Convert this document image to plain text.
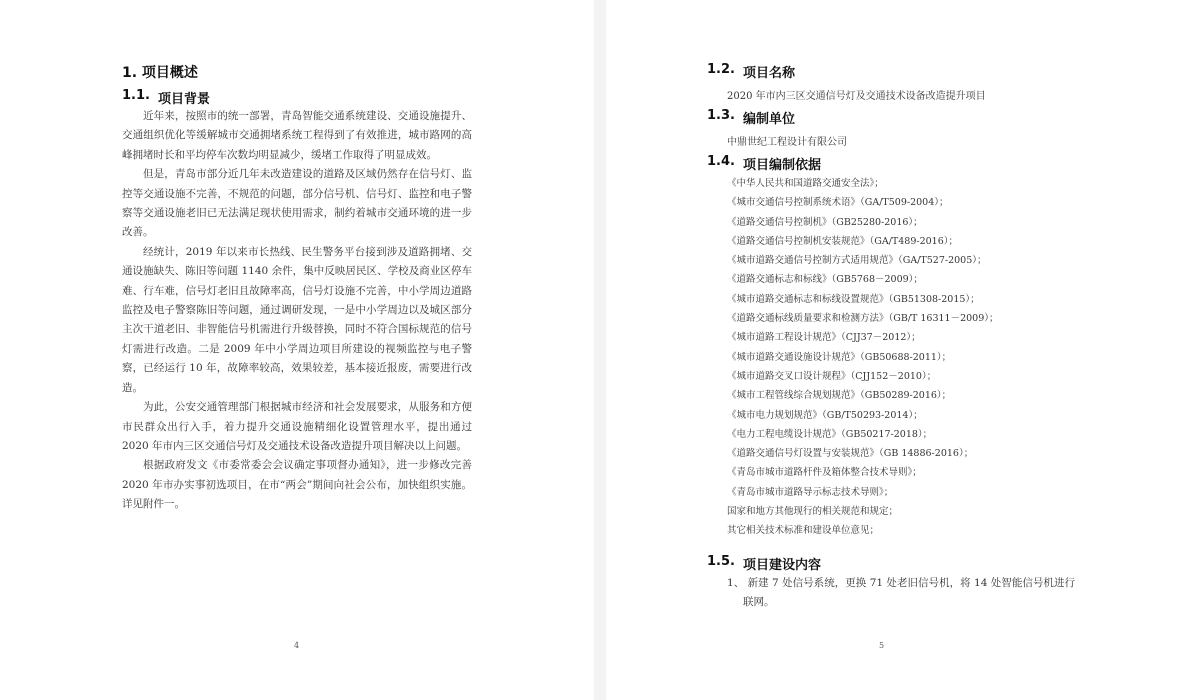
1. 项目概述
1.1. 项目背景

近年来，按照市的统一部署，青岛智能交通系统建设、交通设施提升、交通组织优化等缓解城市交通拥堵系统工程得到了有效推进，城市路网的高峰拥堵时长和平均停车次数均明显减少，缓堵工作取得了明显成效。

但是，青岛市部分近几年未改造建设的道路及区域仍然存在信号灯、监控等交通设施不完善，不规范的问题，部分信号机、信号灯、监控和电子警察等交通设施老旧已无法满足现状使用需求，制约着城市交通环境的进一步改善。

经统计，2019 年以来市长热线、民生警务平台接到涉及道路拥堵、交通设施缺失、陈旧等问题 1140 余件，集中反映居民区、学校及商业区停车难、行车难，信号灯老旧且故障率高，信号灯设施不完善，中小学周边道路监控及电子警察陈旧等问题，通过调研发现，一是中小学周边以及城区部分主次干道老旧、非智能信号机需进行升级替换，同时不符合国标规范的信号灯需进行改造。二是 2009 年中小学周边项目所建设的视频监控与电子警察，已经运行 10 年，故障率较高，效果较差，基本接近报废，需要进行改造。

为此，公安交通管理部门根据城市经济和社会发展要求，从服务和方便市民群众出行入手，着力提升交通设施精细化设置管理水平，提出通过 2020 年市内三区交通信号灯及交通技术设备改造提升项目解决以上问题。

根据政府发文《市委常委会会议确定事项督办通知》，进一步修改完善 2020 年市办实事初选项目，在市“两会”期间向社会公布，加快组织实施。详见附件一。

4
1.2. 项目名称
2020 年市内三区交通信号灯及交通技术设备改造提升项目
1.3. 编制单位
中鼎世纪工程设计有限公司
1.4. 项目编制依据
《中华人民共和国道路交通安全法》；
《城市交通信号控制系统术语》（GA/T509-2004）；
《道路交通信号控制机》（GB25280-2016）；
《道路交通信号控制机安装规范》（GA/T489-2016）；
《城市道路交通信号控制方式适用规范》（GA/T527-2005）；
《道路交通标志和标线》（GB5768－2009）；
《城市道路交通标志和标线设置规范》（GB51308-2015）；
《道路交通标线质量要求和检测方法》（GB/T 16311－2009）；
《城市道路工程设计规范》（CJJ37－2012）；
《城市道路交通设施设计规范》（GB50688-2011）；
《城市道路交叉口设计规程》（CJJ152－2010）；
《城市工程管线综合规划规范》（GB50289-2016）；
《城市电力规划规范》（GB/T50293-2014）；
《电力工程电缆设计规范》（GB50217-2018）；
《道路交通信号灯设置与安装规范》（GB 14886-2016）；
《青岛市城市道路杆件及箱体整合技术导则》；
《青岛市城市道路导示标志技术导则》；
国家和地方其他现行的相关规范和规定；
其它相关技术标准和建设单位意见；
1.5. 项目建设内容
1、 新建 7 处信号系统，更换 71 处老旧信号机，将 14 处智能信号机进行联网。
5
